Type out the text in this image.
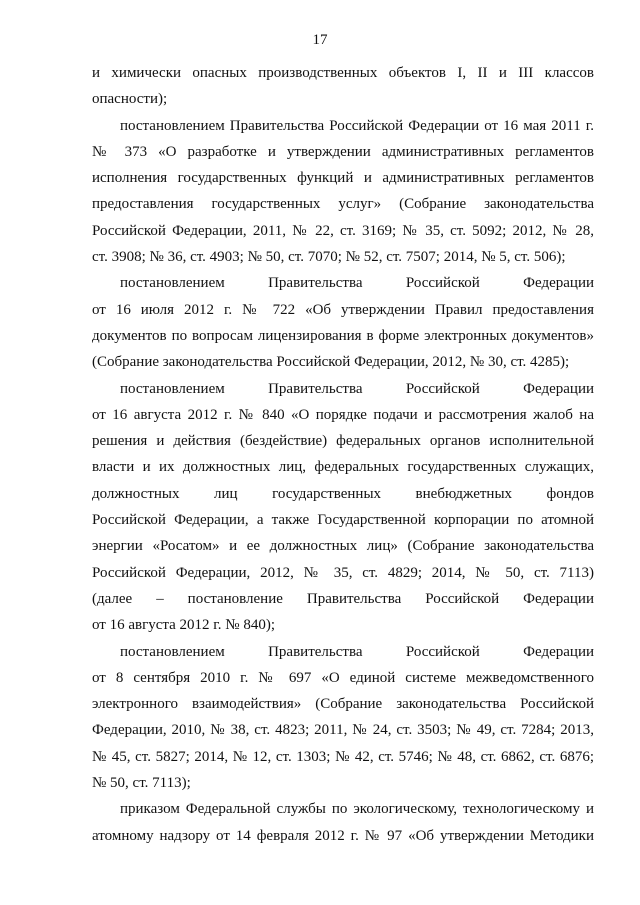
17

и химически опасных производственных объектов I, II и III классов
опасности);

постановлением Правительства Российской Федерации от 16 мая 2011 г.
№ 373 «О разработке и утверждении административных регламентов
исполнения государственных функций и административных регламентов
предоставления государственных услуг» (Собрание законодательства
Российской Федерации, 2011, № 22, ст. 3169; № 35, ст. 5092; 2012, № 28,
ст. 3908; № 36, ст. 4903; № 50, ст. 7070; № 52, ст. 7507; 2014, № 5, ст. 506);

постановлением Правительства Российской Федерации
от 16 июля 2012 г. № 722 «Об утверждении Правил предоставления
документов по вопросам лицензирования в форме электронных документов»
(Собрание законодательства Российской Федерации, 2012, № 30, ст. 4285);

постановлением Правительства Российской Федерации
от 16 августа 2012 г. № 840 «О порядке подачи и рассмотрения жалоб на
решения и действия (бездействие) федеральных органов исполнительной
власти и их должностных лиц, федеральных государственных служащих,
должностных лиц государственных внебюджетных фондов
Российской Федерации, а также Государственной корпорации по атомной
энергии «Росатом» и ее должностных лиц» (Собрание законодательства
Российской Федерации, 2012, № 35, ст. 4829; 2014, № 50, ст. 7113)
(далее – постановление Правительства Российской Федерации
от 16 августа 2012 г. № 840);

постановлением Правительства Российской Федерации
от 8 сентября 2010 г. № 697 «О единой системе межведомственного
электронного взаимодействия» (Собрание законодательства Российской
Федерации, 2010, № 38, ст. 4823; 2011, № 24, ст. 3503; № 49, ст. 7284; 2013,
№ 45, ст. 5827; 2014, № 12, ст. 1303; № 42, ст. 5746; № 48, ст. 6862, ст. 6876;
№ 50, ст. 7113);

приказом Федеральной службы по экологическому, технологическому и
атомному надзору от 14 февраля 2012 г. № 97 «Об утверждении Методики
